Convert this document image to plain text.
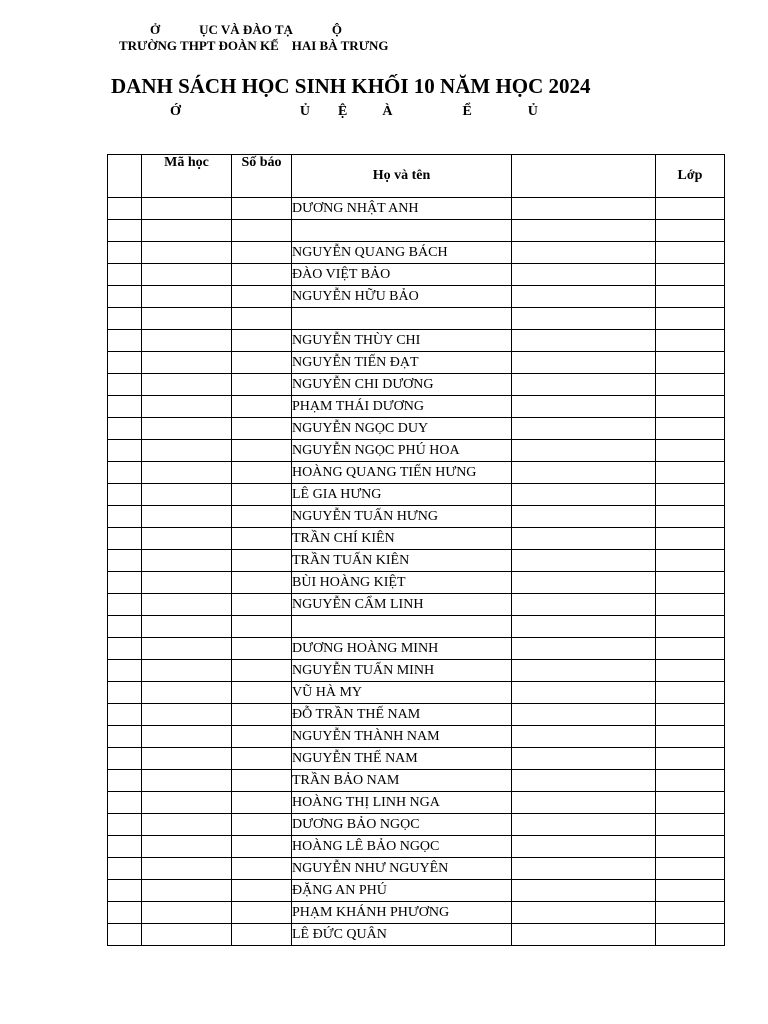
Ở            ỤC VÀ ĐÀO TẠ            Ộ
TRƯỜNG THPT ĐOÀN KẾ    HAI BÀ TRƯNG
DANH SÁCH HỌC SINH KHỐI 10 NĂM HỌC 2024
Ớ                                  Ủ        Ệ          À                    Ể                Ủ
	Mã học	Số báo	Họ và tên		Lớp
			DƯƠNG NHẬT ANH		

			NGUYỄN QUANG BÁCH		
			ĐÀO VIỆT BẢO		
			NGUYỄN HỮU BẢO		

			NGUYỄN THÙY CHI		
			NGUYỄN TIẾN ĐẠT		
			NGUYỄN CHI DƯƠNG		
			PHẠM THÁI DƯƠNG		
			NGUYỄN NGỌC DUY		
			NGUYỄN NGỌC PHÚ HOA		
			HOÀNG QUANG TIẾN HƯNG		
			LÊ GIA HƯNG		
			NGUYỄN TUẤN HƯNG		
			TRẦN CHÍ KIÊN		
			TRẦN TUẤN KIÊN		
			BÙI HOÀNG KIỆT		
			NGUYỄN CẨM LINH		

			DƯƠNG HOÀNG MINH		
			NGUYỄN TUẤN MINH		
			VŨ HÀ MY		
			ĐỖ TRẦN THẾ NAM		
			NGUYỄN THÀNH NAM		
			NGUYỄN THẾ NAM		
			TRẦN BẢO NAM		
			HOÀNG THỊ LINH NGA		
			DƯƠNG BẢO NGỌC		
			HOÀNG LÊ BẢO NGỌC		
			NGUYỄN NHƯ NGUYÊN		
			ĐẶNG AN PHÚ		
			PHẠM KHÁNH PHƯƠNG		
			LÊ ĐỨC QUÂN		
